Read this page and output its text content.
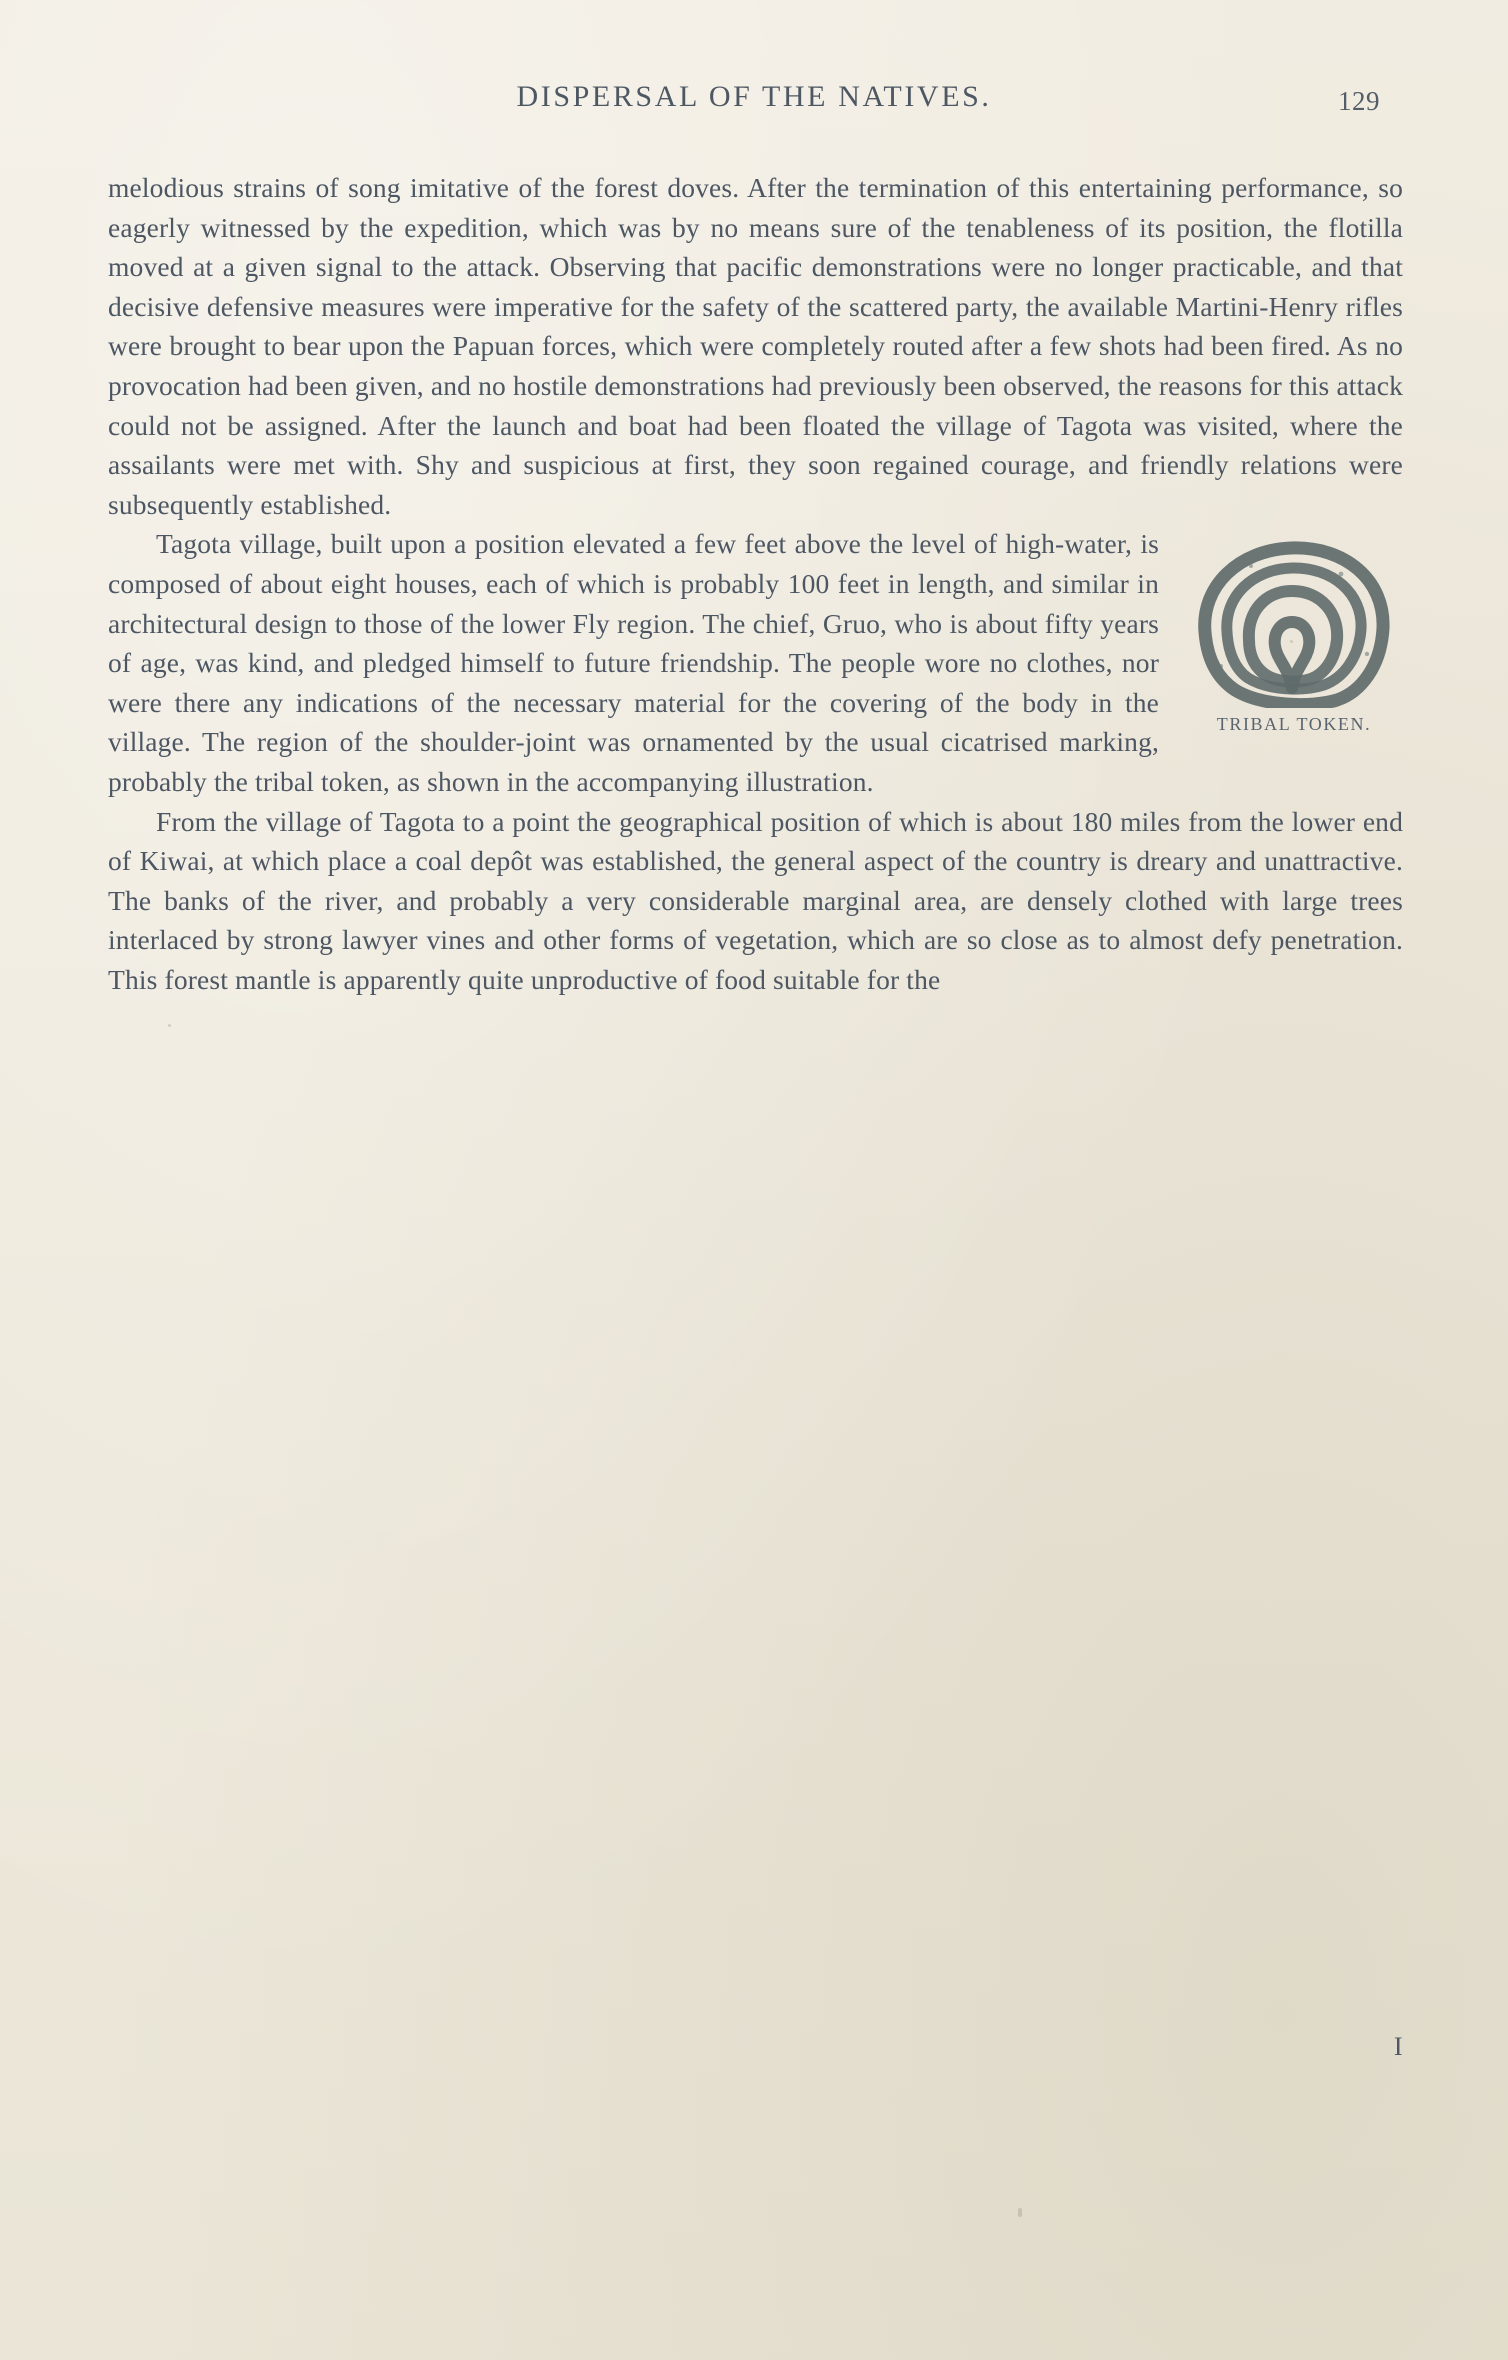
DISPERSAL OF THE NATIVES.	129

melodious strains of song imitative of the forest doves. After the termination of this entertaining performance, so eagerly witnessed by the expedition, which was by no means sure of the tenableness of its position, the flotilla moved at a given signal to the attack. Observing that pacific demonstrations were no longer practicable, and that decisive defensive measures were imperative for the safety of the scattered party, the available Martini-Henry rifles were brought to bear upon the Papuan forces, which were completely routed after a few shots had been fired. As no provocation had been given, and no hostile demonstrations had previously been observed, the reasons for this attack could not be assigned. After the launch and boat had been floated the village of Tagota was visited, where the assailants were met with. Shy and suspicious at first, they soon regained courage, and friendly relations were subsequently established.

TRIBAL TOKEN.

Tagota village, built upon a position elevated a few feet above the level of high-water, is composed of about eight houses, each of which is probably 100 feet in length, and similar in architectural design to those of the lower Fly region. The chief, Gruo, who is about fifty years of age, was kind, and pledged himself to future friendship. The people wore no clothes, nor were there any indications of the necessary material for the covering of the body in the village. The region of the shoulder-joint was ornamented by the usual cicatrised marking, probably the tribal token, as shown in the accompanying illustration.

From the village of Tagota to a point the geographical position of which is about 180 miles from the lower end of Kiwai, at which place a coal depôt was established, the general aspect of the country is dreary and unattractive. The banks of the river, and probably a very considerable marginal area, are densely clothed with large trees interlaced by strong lawyer vines and other forms of vegetation, which are so close as to almost defy penetration. This forest mantle is apparently quite unproductive of food suitable for the

I
